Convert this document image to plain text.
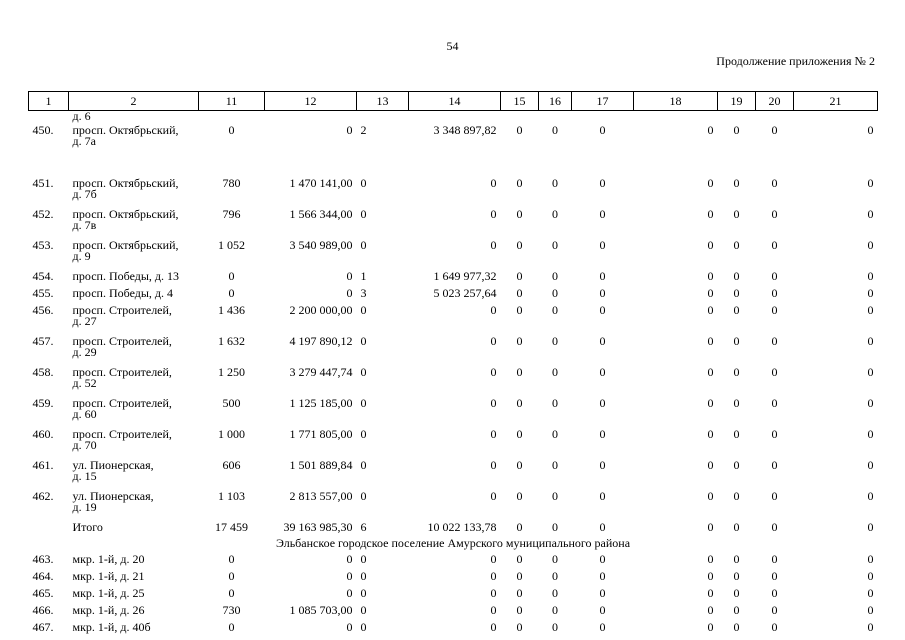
54
Продолжение приложения № 2
1	2	11	12	13	14	15	16	17	18	19	20	21
	д. 6											
450.	просп. Октябрьский,
д. 7а	0	0	2	3 348 897,82	0	0	0	0	0	0	0
451.	просп. Октябрьский,
д. 7б	780	1 470 141,00	0	0	0	0	0	0	0	0	0
452.	просп. Октябрьский,
д. 7в	796	1 566 344,00	0	0	0	0	0	0	0	0	0
453.	просп. Октябрьский,
д. 9	1 052	3 540 989,00	0	0	0	0	0	0	0	0	0
454.	просп. Победы, д. 13	0	0	1	1 649 977,32	0	0	0	0	0	0	0
455.	просп. Победы, д. 4	0	0	3	5 023 257,64	0	0	0	0	0	0	0
456.	просп. Строителей,
д. 27	1 436	2 200 000,00	0	0	0	0	0	0	0	0	0
457.	просп. Строителей,
д. 29	1 632	4 197 890,12	0	0	0	0	0	0	0	0	0
458.	просп. Строителей,
д. 52	1 250	3 279 447,74	0	0	0	0	0	0	0	0	0
459.	просп. Строителей,
д. 60	500	1 125 185,00	0	0	0	0	0	0	0	0	0
460.	просп. Строителей,
д. 70	1 000	1 771 805,00	0	0	0	0	0	0	0	0	0
461.	ул. Пионерская,
д. 15	606	1 501 889,84	0	0	0	0	0	0	0	0	0
462.	ул. Пионерская,
д. 19	1 103	2 813 557,00	0	0	0	0	0	0	0	0	0

	Итого	17 459	39 163 985,30	6	10 022 133,78	0	0	0	0	0	0	0
Эльбанское городское поселение Амурского муниципального района												
463.	мкр. 1-й, д. 20	0	0	0	0	0	0	0	0	0	0	0
464.	мкр. 1-й, д. 21	0	0	0	0	0	0	0	0	0	0	0
465.	мкр. 1-й, д. 25	0	0	0	0	0	0	0	0	0	0	0
466.	мкр. 1-й, д. 26	730	1 085 703,00	0	0	0	0	0	0	0	0	0
467.	мкр. 1-й, д. 40б	0	0	0	0	0	0	0	0	0	0	0
